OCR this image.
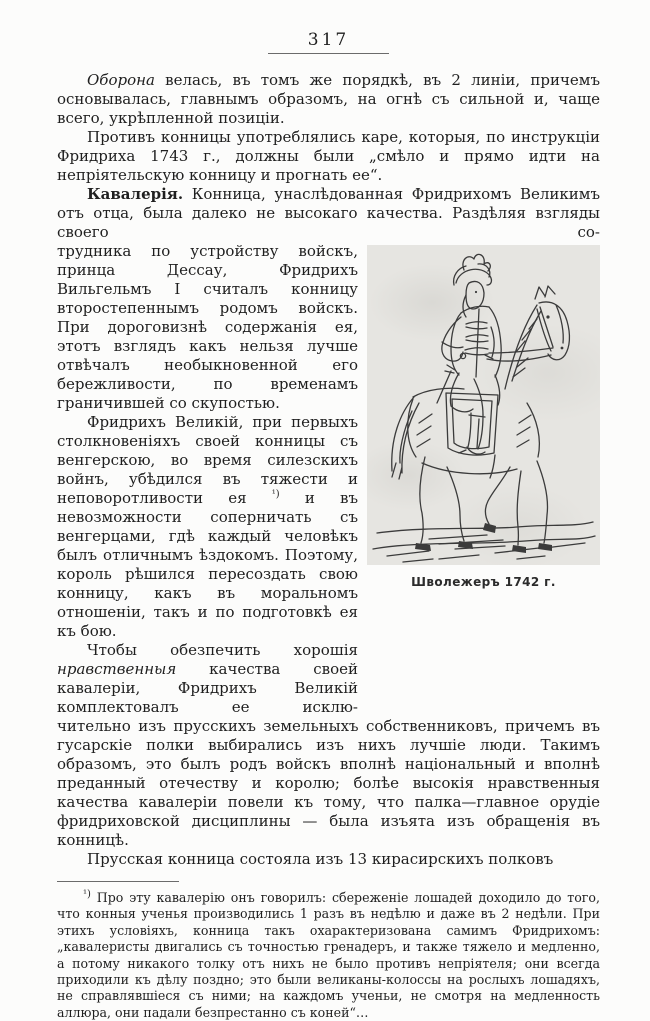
317

Оборона велась, въ томъ же порядкѣ, въ 2 линіи, причемъ основывалась, главнымъ образомъ, на огнѣ съ сильной и, чаще всего, укрѣпленной позиціи.

Противъ конницы употреблялись каре, которыя, по инструкціи Фридриха 1743 г., должны были „смѣло и прямо идти на непріятельскую конницу и прогнать ее“.

Кавалерія. Конница, унаслѣдованная Фридрихомъ Великимъ отъ отца, была далеко не высокаго качества. Раздѣляя взгляды своего со-

Шволежеръ 1742 г.

трудника по устройству войскъ, принца Дессау, Фридрихъ Вильгельмъ I считалъ конницу второстепеннымъ родомъ войскъ. При дороговизнѣ содержанія ея, этотъ взглядъ какъ нельзя лучше отвѣчалъ необыкновенной его бережливости, по временамъ граничившей со скупостью.

Фридрихъ Великій, при первыхъ столкновеніяхъ своей конницы съ венгерскою, во время силезскихъ войнъ, убѣдился въ тяжести и неповоротливости ея $^{^1)}$ и въ невозможности соперничать съ венгерцами, гдѣ каждый человѣкъ былъ отличнымъ ѣздокомъ. Поэтому, король рѣшился пересоздать свою конницу, какъ въ моральномъ отношеніи, такъ и по подготовкѣ ея къ бою.

Чтобы обезпечить хорошія нравственныя качества своей кавалеріи, Фридрихъ Великій комплектовалъ ее исклю-

чительно изъ прусскихъ земельныхъ собственниковъ, причемъ въ гусарскіе полки выбирались изъ нихъ лучшіе люди. Такимъ образомъ, это былъ родъ войскъ вполнѣ національный и вполнѣ преданный отечеству и королю; болѣе высокія нравственныя качества кавалеріи повели къ тому, что палка—главное орудіе фридриховской дисциплины — была изъята изъ обращенія въ конницѣ.

Прусская конница состояла изъ 13 кирасирскихъ полковъ

$^{^1)}$ Про эту кавалерію онъ говорилъ: сбереженіе лошадей доходило до того, что конныя ученья производились 1 разъ въ недѣлю и даже въ 2 недѣли. При этихъ условіяхъ, конница такъ охарактеризована самимъ Фридрихомъ: „кавалеристы двигались съ точностью гренадеръ, и также тяжело и медленно, а потому никакого толку отъ нихъ не было противъ непріятеля; они всегда приходили къ дѣлу поздно; это были великаны-колоссы на рослыхъ лошадяхъ, не справлявшіеся съ ними; на каждомъ ученьи, не смотря на медленность аллюра, они падали безпрестанно съ коней“…
